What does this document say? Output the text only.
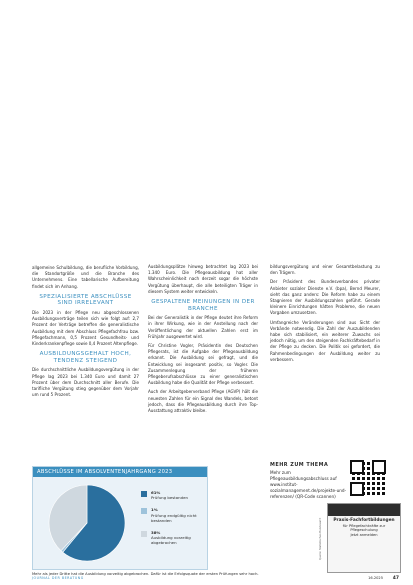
allgemeine Schulbildung, die berufliche Vorbildung, die Standortgröße und die Branche des Unternehmens. Eine tabellarische Aufbereitung findet sich im Anhang.

SPEZIALISIERTE ABSCHLÜSSE SIND IRRELEVANT

Die 2023 in der Pflege neu abgeschlossenen Ausbildungsverträge teilen sich wie folgt auf: 2,7 Prozent der Verträge betreffen die generalistische Ausbildung mit dem Abschluss Pflegefachfrau bzw. Pflegefachmann, 0,5 Prozent Gesundheits- und Kinderkrankenpflege sowie 0,4 Prozent Altenpflege.

AUSBILDUNGSGEHALT HOCH, TENDENZ STEIGEND

Die durchschnittliche Ausbildungsvergütung in der Pflege lag 2023 bei 1.340 Euro und damit 27 Prozent über dem Durchschnitt aller Berufe. Die tarifliche Vergütung stieg gegenüber dem Vorjahr um rund 5 Prozent.

Ausbildungsplätze hinweg betrachtet lag 2023 bei 1.340 Euro. Die Pflegeausbildung hat aller Wahrscheinlichkeit nach derzeit sogar die höchste Vergütung überhaupt, die alle beteiligten Träger in diesem System weiter entwickeln.

GESPALTENE MEINUNGEN IN DER BRANCHE

Bei der Generalistik in der Pflege deutet ihre Reform in ihrer Wirkung, wie in der Anstellung nach der Veröffentlichung der aktuellen Zahlen erst im Frühjahr ausgewertet wird.

Für Christine Vogler, Präsidentin des Deutschen Pflegerats, ist die Aufgabe der Pflegeausbildung erkannt. Die Ausbildung sei gefragt, und die Entwicklung sei insgesamt positiv, so Vogler. Die Zusammenlegung der früheren Pflegeberufsabschlüsse zu einer generalistischen Ausbildung habe die Qualität der Pflege verbessert.

Auch der Arbeitgeberverband Pflege (AGVP) hält die neuesten Zahlen für ein Signal des Wandels, betont jedoch, dass die Pflegeausbildung durch ihre Top-Ausstattung attraktiv bleibe.

bildungsvergütung und einer Gesamtbelastung zu den Trägern.

Der Präsident des Bundesverbandes privater Anbieter sozialer Dienste e.V. (bpa), Bernd Meurer, sieht das ganz anders: Die Reform habe zu einem Stagnieren der Ausbildungszahlen geführt. Gerade kleinere Einrichtungen hätten Probleme, die neuen Vorgaben umzusetzen.

Umfangreiche Veränderungen sind aus Sicht der Verbände notwendig. Die Zahl der Auszubildenden habe sich stabilisiert, ein weiterer Zuwachs sei jedoch nötig, um den steigenden Fachkräftebedarf in der Pflege zu decken. Die Politik sei gefordert, die Rahmenbedingungen der Ausbildung weiter zu verbessern.

ABSCHLÜSSE IM ABSOLVENTENJAHRGANG 2023
61%
Prüfung bestanden
1%
Prüfung endgültig nicht bestanden
38%
Ausbildung vorzeitig abgebrochen
Mehr als jeder Dritte hat die Ausbildung vorzeitig abgebrochen. Dafür ist die Erfolgsquote der ersten Prüfungen sehr hoch.
MEHR ZUM THEMA
Mehr zum Pflegeausbildungsabschluss auf www.institut-sozialmanagement.de/projekte-und-referenzen/ (QR-Code scannen)
Praxis-Fachfortbildungen
für Pflegefachkräfte zur Pflegeschulung
Jetzt anmelden
Quelle: Statistisches Bundesamt
JOURNAL DER BERATUNG	16.2025 47
